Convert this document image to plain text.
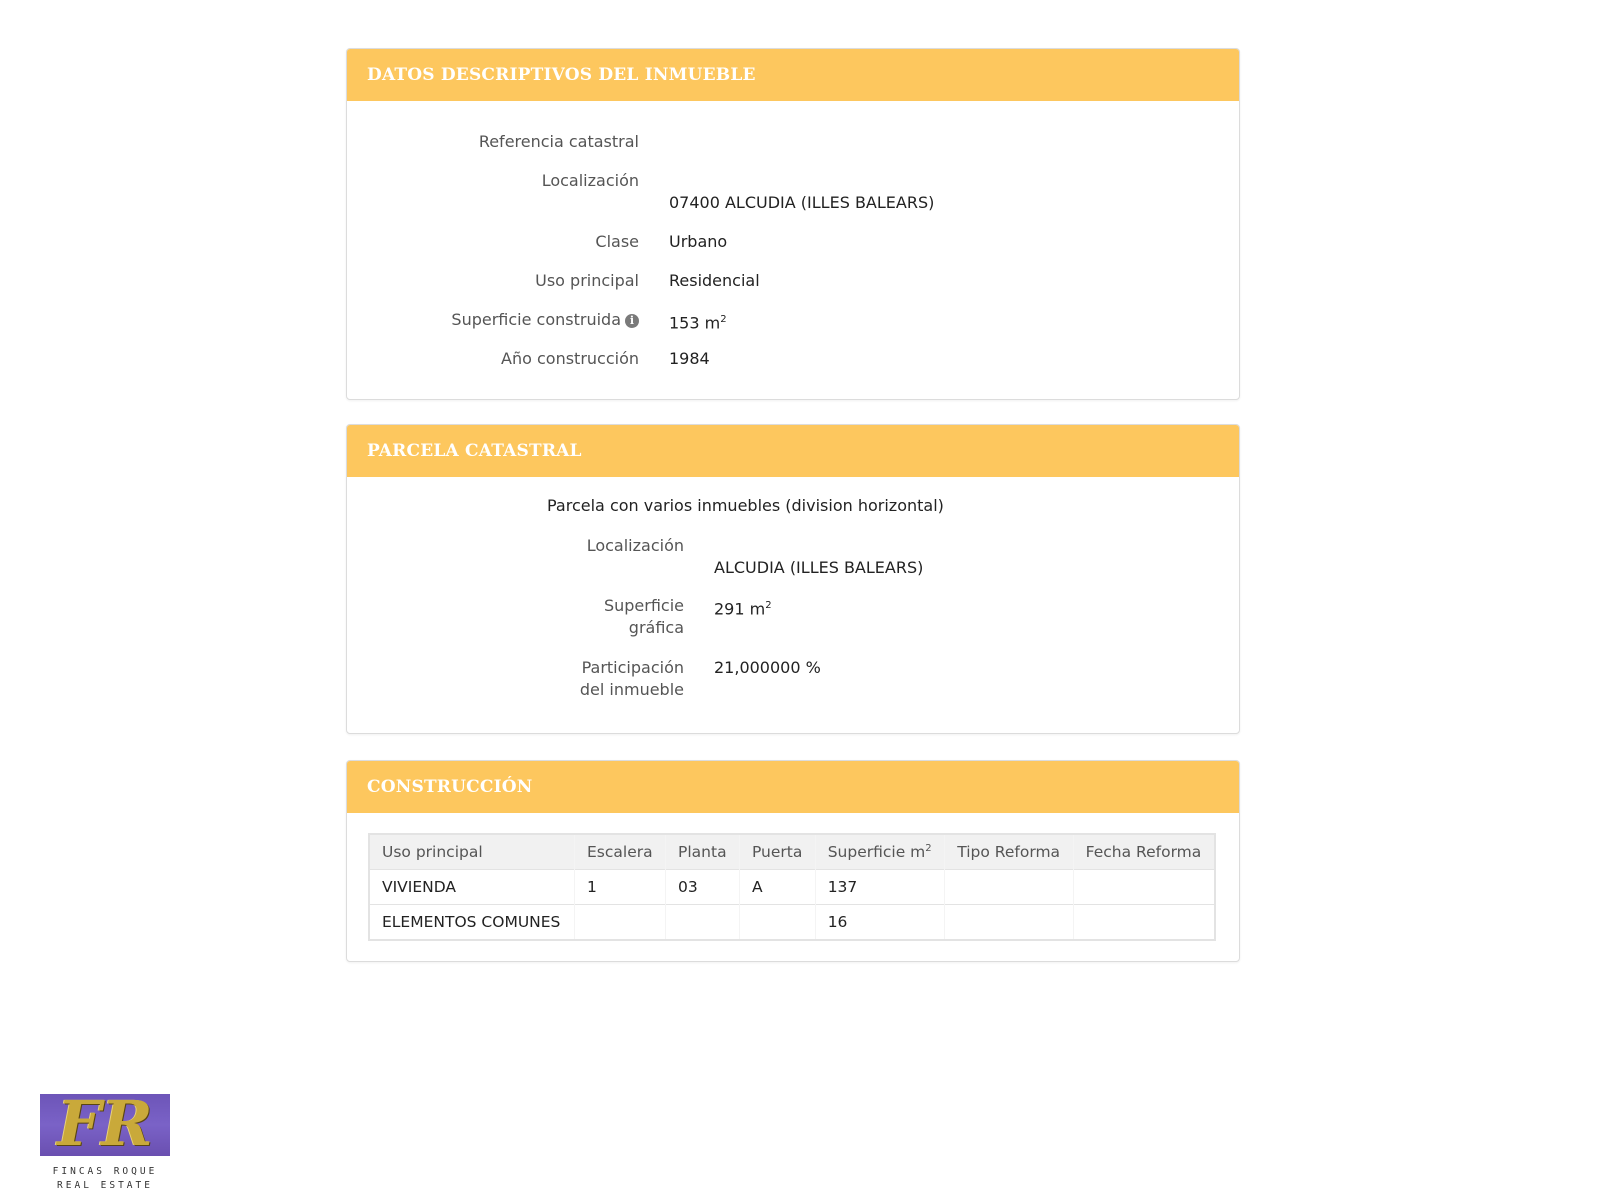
DATOS DESCRIPTIVOS DEL INMUEBLE
Referencia catastral
Localización
07400 ALCUDIA (ILLES BALEARS)
Clase Urbano
Uso principal Residencial
Superficie construida i	153 $m^2$
Año construcción 1984
PARCELA CATASTRAL
Parcela con varios inmuebles (division horizontal)
Localización
ALCUDIA (ILLES BALEARS)
Superficie
gráfica
291 $m^2$
Participación
del inmueble
21,000000 %
CONSTRUCCIÓN
Uso principal	Escalera	Planta	Puerta	Superficie $m^2$	Tipo Reforma	Fecha Reforma
VIVIENDA	1	03	A	137		
ELEMENTOS COMUNES				16		
FR
FINCAS ROQUE
REAL ESTATE
